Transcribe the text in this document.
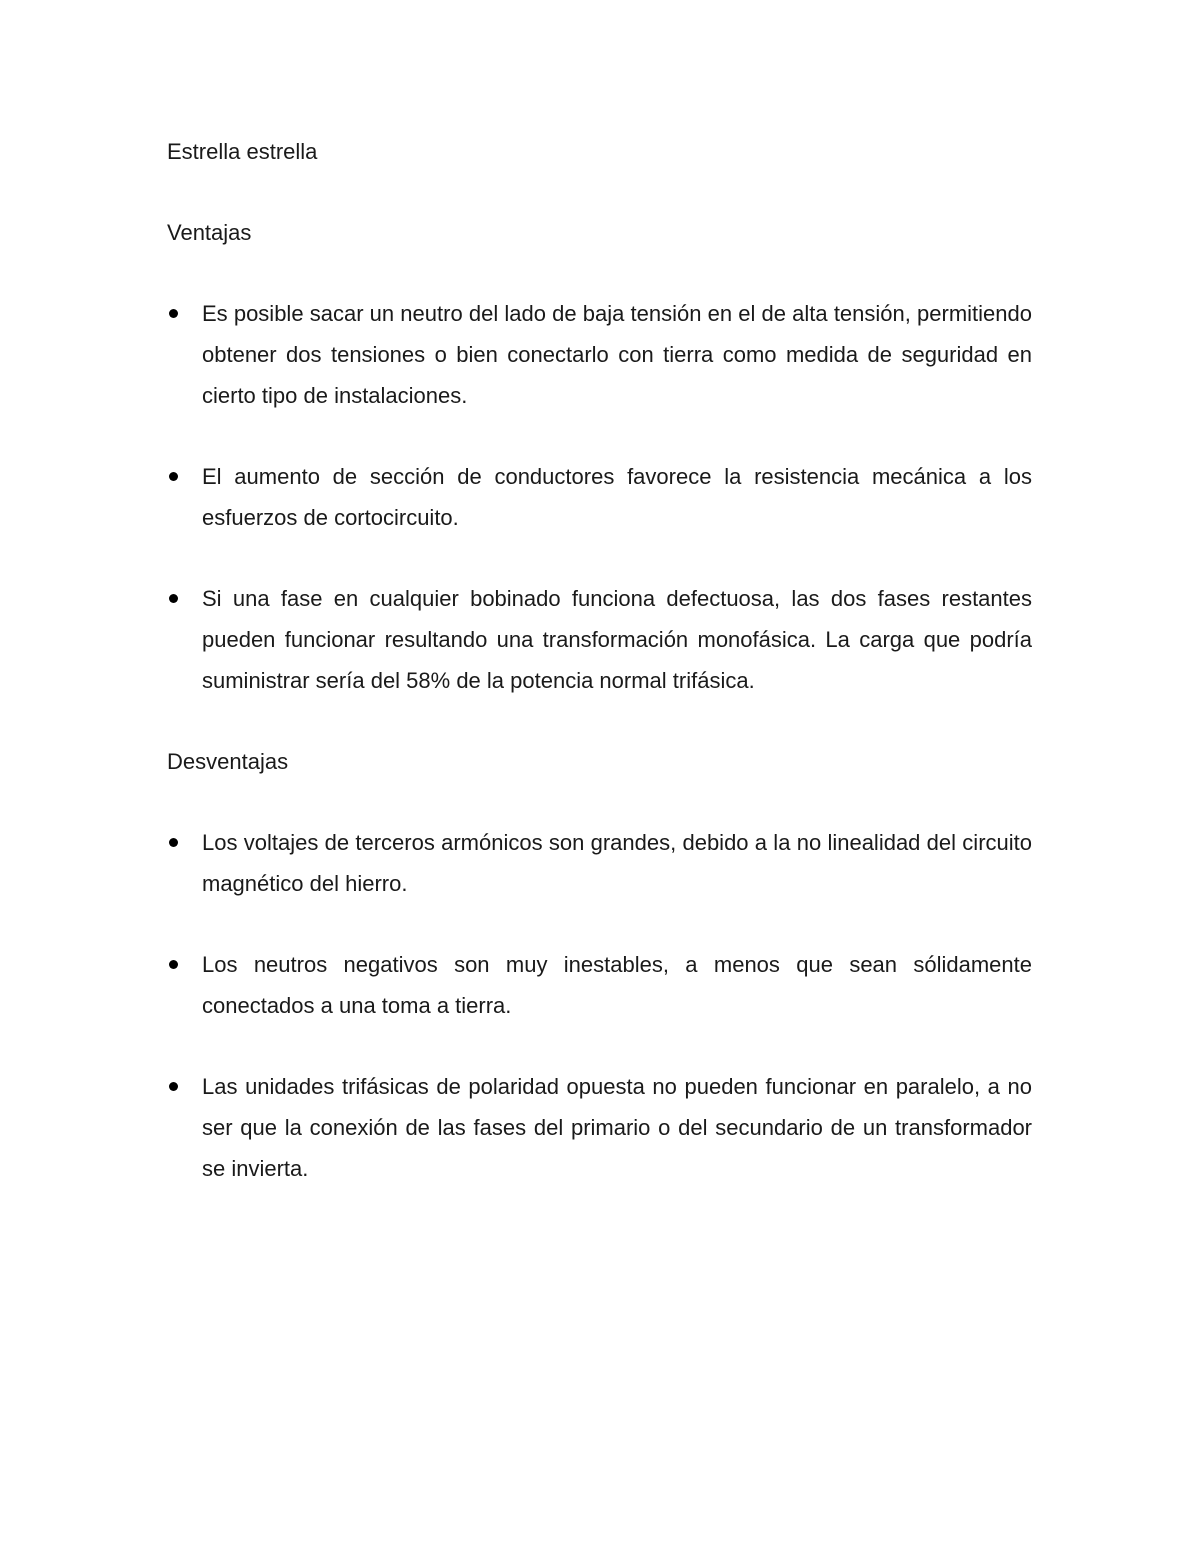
Estrella estrella

Ventajas

Es posible sacar un neutro del lado de baja tensión en el de alta tensión, permitiendo obtener dos tensiones o bien conectarlo con tierra como medida de seguridad en cierto tipo de instalaciones.
El aumento de sección de conductores favorece la resistencia mecánica a los esfuerzos de cortocircuito.
Si una fase en cualquier bobinado funciona defectuosa, las dos fases restantes pueden funcionar resultando una transformación monofásica. La carga que podría suministrar sería del 58% de la potencia normal trifásica.

Desventajas

Los voltajes de terceros armónicos son grandes, debido a la no linealidad del circuito magnético del hierro.
Los neutros negativos son muy inestables, a menos que sean sólidamente conectados a una toma a tierra.
Las unidades trifásicas de polaridad opuesta no pueden funcionar en paralelo, a no ser que la conexión de las fases del primario o del secundario de un transformador se invierta.
